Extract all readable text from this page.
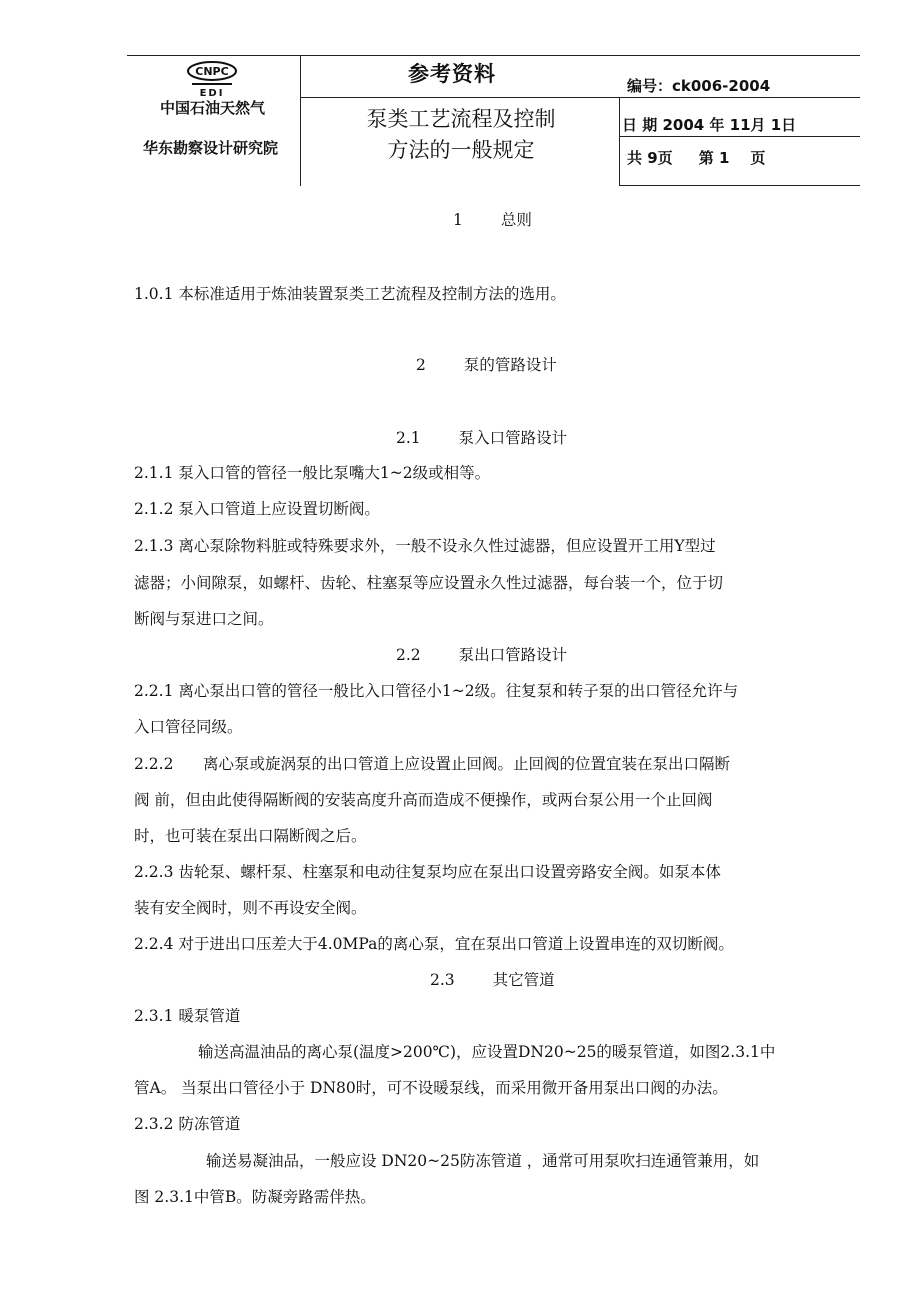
CNPC
EDI
中国石油天然气
华东勘察设计研究院
参考资料
泵类工艺流程及控制
方法的一般规定
编号：ck006-2004
日 期 2004 年 11月 1日
共 9页     第 1    页
1 总则
1.0.1 本标准适用于炼油装置泵类工艺流程及控制方法的选用。
2 泵的管路设计
2.1 泵入口管路设计
2.1.1 泵入口管的管径一般比泵嘴大1~2级或相等。
2.1.2 泵入口管道上应设置切断阀。
2.1.3 离心泵除物料脏或特殊要求外，一般不设永久性过滤器，但应设置开工用Y型过
滤器；小间隙泵，如螺杆、齿轮、柱塞泵等应设置永久性过滤器，每台装一个，位于切
断阀与泵进口之间。
2.2 泵出口管路设计
2.2.1 离心泵出口管的管径一般比入口管径小1~2级。往复泵和转子泵的出口管径允许与
入口管径同级。
2.2.2      离心泵或旋涡泵的出口管道上应设置止回阀。止回阀的位置宜装在泵出口隔断
阀 前，但由此使得隔断阀的安装高度升高而造成不便操作，或两台泵公用一个止回阀
时，也可装在泵出口隔断阀之后。
2.2.3 齿轮泵、螺杆泵、柱塞泵和电动往复泵均应在泵出口设置旁路安全阀。如泵本体
装有安全阀时，则不再设安全阀。
2.2.4 对于进出口压差大于4.0MPa的离心泵，宜在泵出口管道上设置串连的双切断阀。
2.3 其它管道
2.3.1 暖泵管道
输送高温油品的离心泵(温度>200℃)，应设置DN20~25的暖泵管道，如图2.3.1中
管A。 当泵出口管径小于 DN80时，可不设暖泵线，而采用微开备用泵出口阀的办法。
2.3.2 防冻管道
输送易凝油品，一般应设 DN20~25防冻管道 ，通常可用泵吹扫连通管兼用，如
图 2.3.1中管B。防凝旁路需伴热。
